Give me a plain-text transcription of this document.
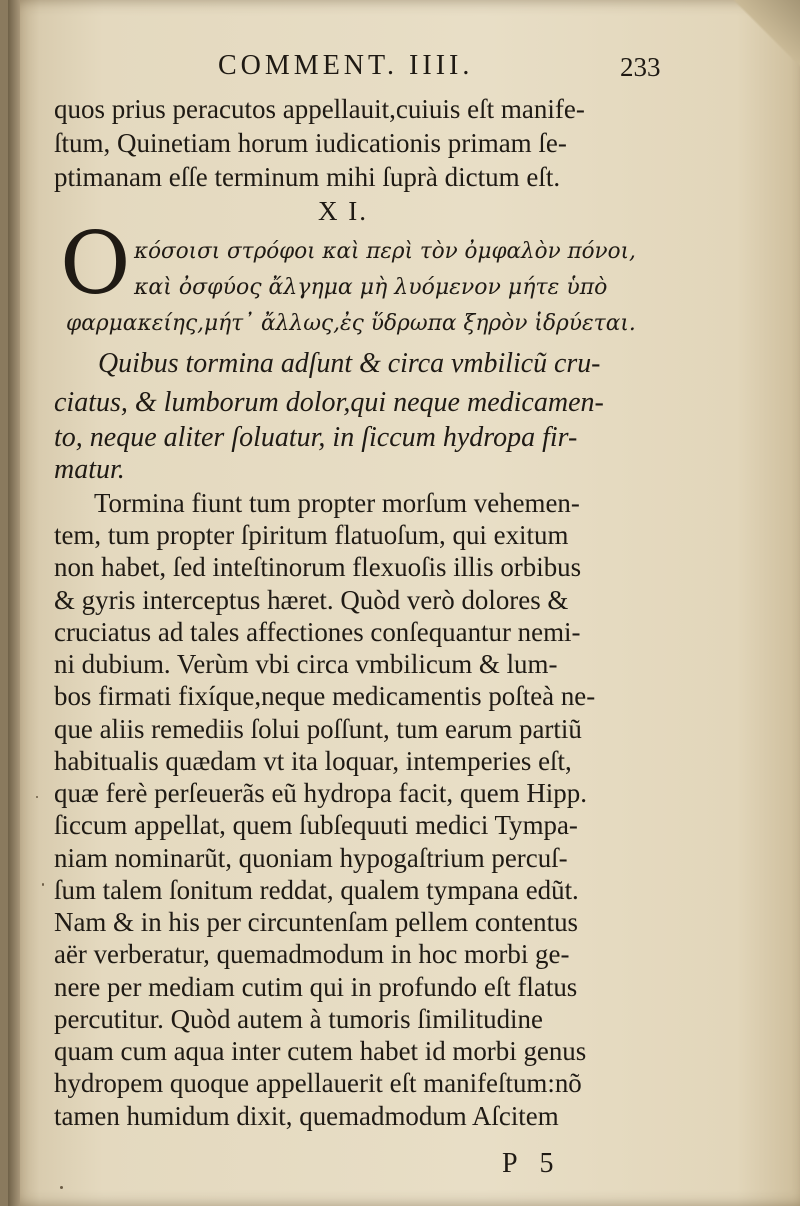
COMMENT. IIII.	233
quos prius peracutos appellauit,cuiuis eſt manife-
ſtum, Quinetiam horum iudicationis primam ſe-
ptimanam eſſe terminum mihi ſuprà dictum eſt.
X I.
O κόσοισι στρόφοι καὶ περὶ τὸν ὀμφαλὸν πόνοι,
καὶ ὀσφύος ἄλγημα μὴ λυόμενον μήτε ὑπὸ
φαρμακείης,μήτ᾽ ἄλλως,ἐς ὕδρωπα ξηρὸν ἱδρύεται.
Quibus tormina adſunt & circa vmbilicũ cru-
ciatus, & lumborum dolor,qui neque medicamen-
to, neque aliter ſoluatur, in ſiccum hydropa fir-
matur.
Tormina fiunt tum propter morſum vehemen-
tem, tum propter ſpiritum flatuoſum, qui exitum
non habet, ſed inteſtinorum flexuoſis illis orbibus
& gyris interceptus hæret. Quòd verò dolores &
cruciatus ad tales affectiones conſequantur nemi-
ni dubium. Verùm vbi circa vmbilicum & lum-
bos firmati fixíque,neque medicamentis poſteà ne-
que aliis remediis ſolui poſſunt, tum earum partiũ
habitualis quædam vt ita loquar, intemperies eſt,
quæ ferè perſeuerãs eũ hydropa facit, quem Hipp.
ſiccum appellat, quem ſubſequuti medici Tympa-
niam nominarũt, quoniam hypogaſtrium percuſ-
ſum talem ſonitum reddat, qualem tympana edũt.
Nam & in his per circuntenſam pellem contentus
aër verberatur, quemadmodum in hoc morbi ge-
nere per mediam cutim qui in profundo eſt flatus
percutitur. Quòd autem à tumoris ſimilitudine
quam cum aqua inter cutem habet id morbi genus
hydropem quoque appellauerit eſt manifeſtum:nõ
tamen humidum dixit, quemadmodum Aſcitem
P 5
